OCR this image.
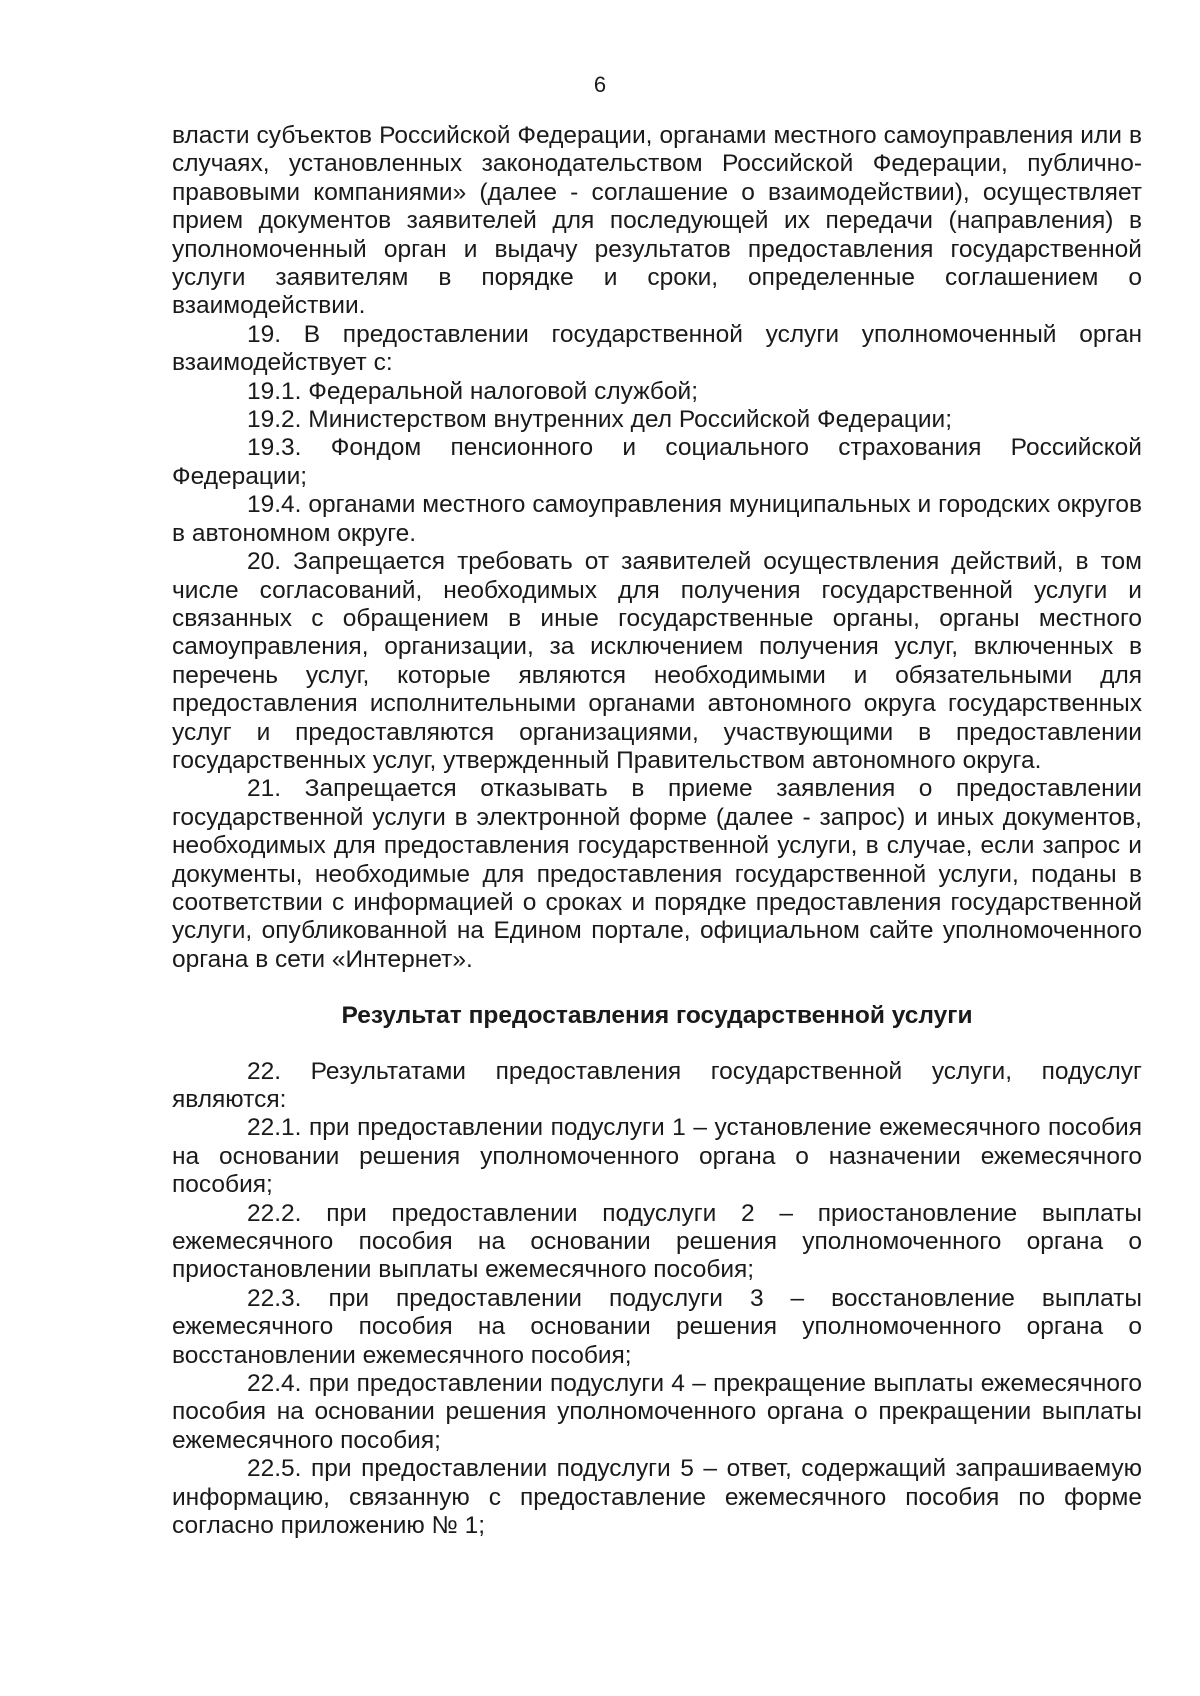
6

власти субъектов Российской Федерации, органами местного самоуправления или в случаях, установленных законодательством Российской Федерации, публично-правовыми компаниями» (далее - соглашение о взаимодействии), осуществляет прием документов заявителей для последующей их передачи (направления) в уполномоченный орган и выдачу результатов предоставления государственной услуги заявителям в порядке и сроки, определенные соглашением о взаимодействии.

19. В предоставлении государственной услуги уполномоченный орган взаимодействует с:

19.1. Федеральной налоговой службой;

19.2. Министерством внутренних дел Российской Федерации;

19.3. Фондом пенсионного и социального страхования Российской Федерации;

19.4. органами местного самоуправления муниципальных и городских округов в автономном округе.

20. Запрещается требовать от заявителей осуществления действий, в том числе согласований, необходимых для получения государственной услуги и связанных с обращением в иные государственные органы, органы местного самоуправления, организации, за исключением получения услуг, включенных в перечень услуг, которые являются необходимыми и обязательными для предоставления исполнительными органами автономного округа государственных услуг и предоставляются организациями, участвующими в предоставлении государственных услуг, утвержденный Правительством автономного округа.

21. Запрещается отказывать в приеме заявления о предоставлении государственной услуги в электронной форме (далее - запрос) и иных документов, необходимых для предоставления государственной услуги, в случае, если запрос и документы, необходимые для предоставления государственной услуги, поданы в соответствии с информацией о сроках и порядке предоставления государственной услуги, опубликованной на Едином портале, официальном сайте уполномоченного органа в сети «Интернет».

Результат предоставления государственной услуги

22. Результатами предоставления государственной услуги, подуслуг являются:

22.1. при предоставлении подуслуги 1 – установление ежемесячного пособия на основании решения уполномоченного органа о назначении ежемесячного пособия;

22.2. при предоставлении подуслуги 2 – приостановление выплаты ежемесячного пособия на основании решения уполномоченного органа о приостановлении выплаты ежемесячного пособия;

22.3. при предоставлении подуслуги 3 – восстановление выплаты ежемесячного пособия на основании решения уполномоченного органа о восстановлении ежемесячного пособия;

22.4. при предоставлении подуслуги 4 – прекращение выплаты ежемесячного пособия на основании решения уполномоченного органа о прекращении выплаты ежемесячного пособия;

22.5. при предоставлении подуслуги 5 – ответ, содержащий запрашиваемую информацию, связанную с предоставление ежемесячного пособия по форме согласно приложению № 1;
